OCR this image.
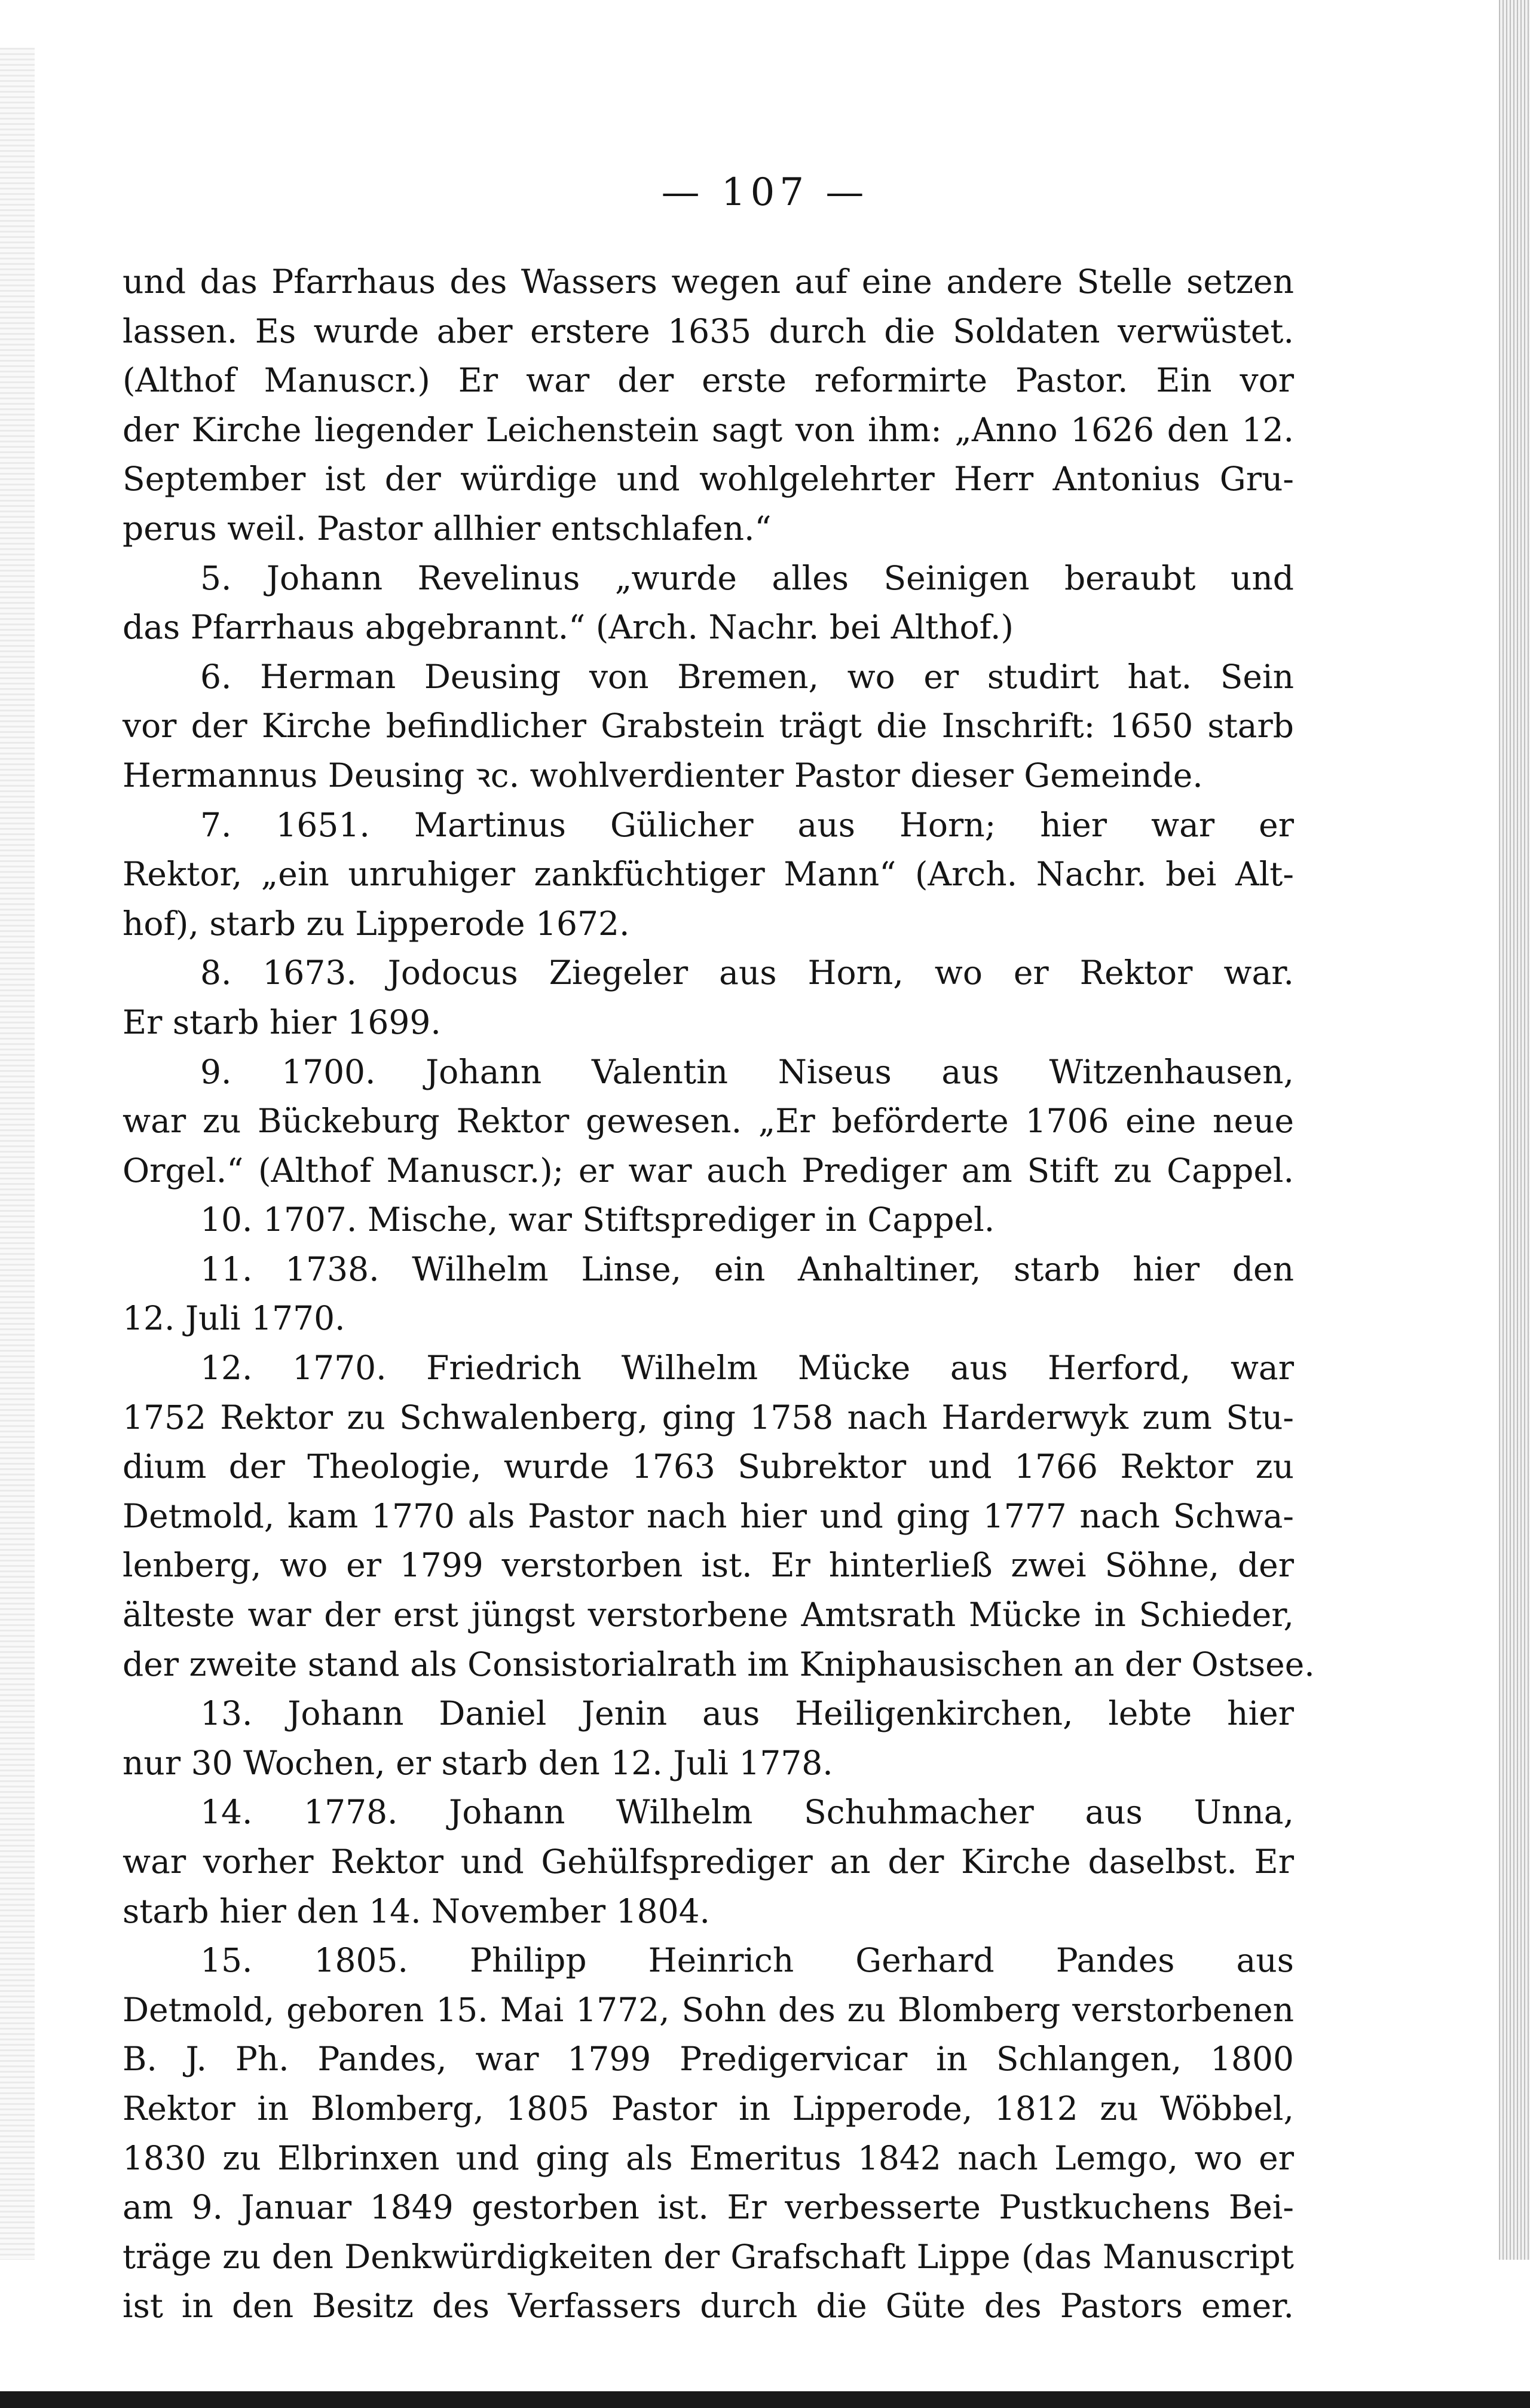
— 107 —
und das Pfarrhaus des Wassers wegen auf eine andere Stelle setzen
lassen. Es wurde aber erstere 1635 durch die Soldaten verwüstet.
(Althof Manuscr.) Er war der erste reformirte Pastor. Ein vor
der Kirche liegender Leichenstein sagt von ihm: „Anno 1626 den 12.
September ist der würdige und wohlgelehrter Herr Antonius Gru-
perus weil. Pastor allhier entschlafen.“
5. Johann Revelinus „wurde alles Seinigen beraubt und
das Pfarrhaus abgebrannt.“ (Arch. Nachr. bei Althof.)
6. Herman Deusing von Bremen, wo er studirt hat. Sein
vor der Kirche befindlicher Grabstein trägt die Inschrift: 1650 starb
Hermannus Deusing ꝛc. wohlverdienter Pastor dieser Gemeinde.
7. 1651. Martinus Gülicher aus Horn; hier war er
Rektor, „ein unruhiger zankfüchtiger Mann“ (Arch. Nachr. bei Alt-
hof), starb zu Lipperode 1672.
8. 1673. Jodocus Ziegeler aus Horn, wo er Rektor war.
Er starb hier 1699.
9. 1700. Johann Valentin Niseus aus Witzenhausen,
war zu Bückeburg Rektor gewesen. „Er beförderte 1706 eine neue
Orgel.“ (Althof Manuscr.); er war auch Prediger am Stift zu Cappel.
10. 1707. Mische, war Stiftsprediger in Cappel.
11. 1738. Wilhelm Linse, ein Anhaltiner, starb hier den
12. Juli 1770.
12. 1770. Friedrich Wilhelm Mücke aus Herford, war
1752 Rektor zu Schwalenberg, ging 1758 nach Harderwyk zum Stu-
dium der Theologie, wurde 1763 Subrektor und 1766 Rektor zu
Detmold, kam 1770 als Pastor nach hier und ging 1777 nach Schwa-
lenberg, wo er 1799 verstorben ist. Er hinterließ zwei Söhne, der
älteste war der erst jüngst verstorbene Amtsrath Mücke in Schieder,
der zweite stand als Consistorialrath im Kniphausischen an der Ostsee.
13. Johann Daniel Jenin aus Heiligenkirchen, lebte hier
nur 30 Wochen, er starb den 12. Juli 1778.
14. 1778. Johann Wilhelm Schuhmacher aus Unna,
war vorher Rektor und Gehülfsprediger an der Kirche daselbst. Er
starb hier den 14. November 1804.
15. 1805. Philipp Heinrich Gerhard Pandes aus
Detmold, geboren 15. Mai 1772, Sohn des zu Blomberg verstorbenen
B. J. Ph. Pandes, war 1799 Predigervicar in Schlangen, 1800
Rektor in Blomberg, 1805 Pastor in Lipperode, 1812 zu Wöbbel,
1830 zu Elbrinxen und ging als Emeritus 1842 nach Lemgo, wo er
am 9. Januar 1849 gestorben ist. Er verbesserte Pustkuchens Bei-
träge zu den Denkwürdigkeiten der Grafschaft Lippe (das Manuscript
ist in den Besitz des Verfassers durch die Güte des Pastors emer.
